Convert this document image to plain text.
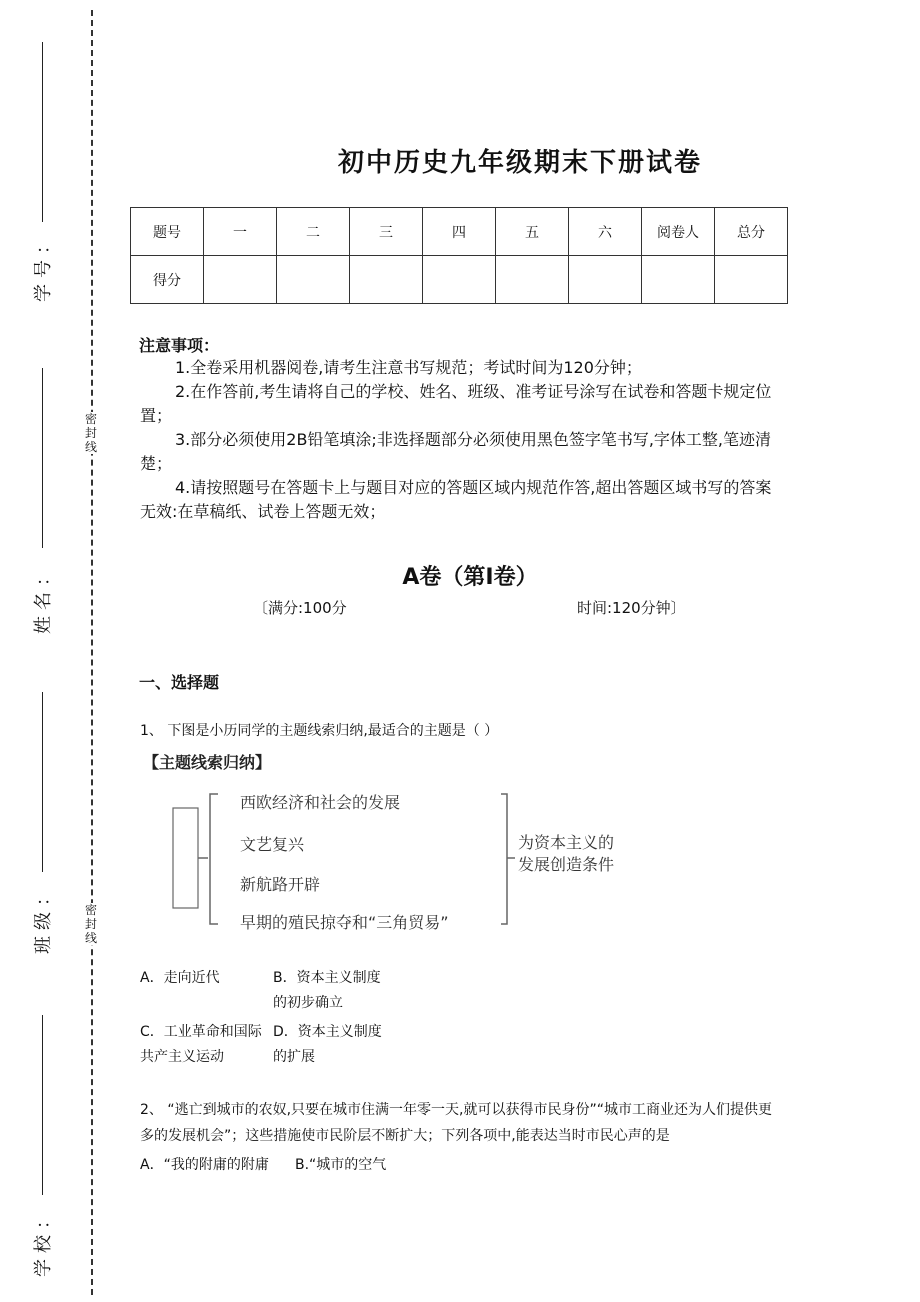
学号：
姓名：
班级：
学校：
密封线
密封线
初中历史九年级期末下册试卷
题号	一	二	三	四	五	六	阅卷人	总分
得分								
注意事项：
1.全卷采用机器阅卷,请考生注意书写规范；考试时间为120分钟；
2.在作答前,考生请将自己的学校、姓名、班级、准考证号涂写在试卷和答题卡规定位置；
3.部分必须使用2B铅笔填涂;非选择题部分必须使用黑色签字笔书写,字体工整,笔迹清楚；
4.请按照题号在答题卡上与题目对应的答题区域内规范作答,超出答题区域书写的答案无效:在草稿纸、试卷上答题无效；
A卷（第Ⅰ卷）
〔满分:100分	时间:120分钟〕
一、选择题
1、 下图是小历同学的主题线索归纳,最适合的主题是（ ）
【主题线索归纳】
西欧经济和社会的发展
文艺复兴
新航路开辟
早期的殖民掠夺和“三角贸易”
为资本主义的
发展创造条件
A．走向近代	B．资本主义制度的初步确立
C．工业革命和国际共产主义运动
D．资本主义制度的扩展
2、 “逃亡到城市的农奴,只要在城市住满一年零一天,就可以获得市民身份”“城市工商业还为人们提供更多的发展机会”；这些措施使市民阶层不断扩大；下列各项中,能表达当时市民心声的是
A．“我的附庸的附庸 B.“城市的空气
